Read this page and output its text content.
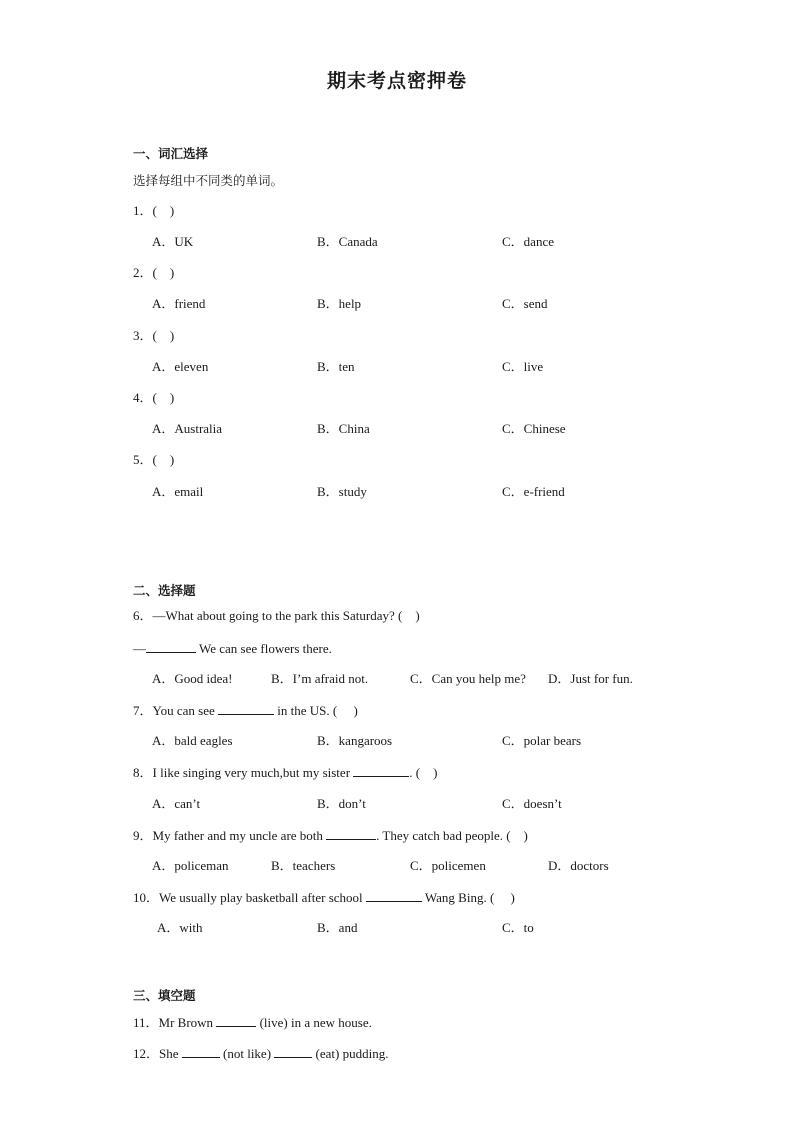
期末考点密押卷
一、词汇选择
选择每组中不同类的单词。
1．(　)
A．UK	B．Canada	C．dance
2．(　)
A．friend	B．help	C．send
3．(　)
A．eleven	B．ten	C．live
4．(　)
A．Australia	B．China	C．Chinese
5．(　)
A．email	B．study	C．e-friend
二、选择题
6．—What about going to the park this Saturday? (　)
—	We can see flowers there.
7．You can see	in the US. (　 )
8．I like singing very much,but my sister	. (　)
9．My father and my uncle are both	. They catch bad people. (　)
10．We usually play basketball after school	Wang Bing. (　 )
A．Good idea!	B．I’m afraid not.	C．Can you help me? D．Just for fun.
A．bald eagles	B．kangaroos	C．polar bears
A．can’t	B．don’t	C．doesn’t
A．policeman	B．teachers	C．policemen	D．doctors
A．with	B．and	C．to
三、填空题
11．Mr Brown	(live) in a new house.
12．She	(not like)	(eat) pudding.
